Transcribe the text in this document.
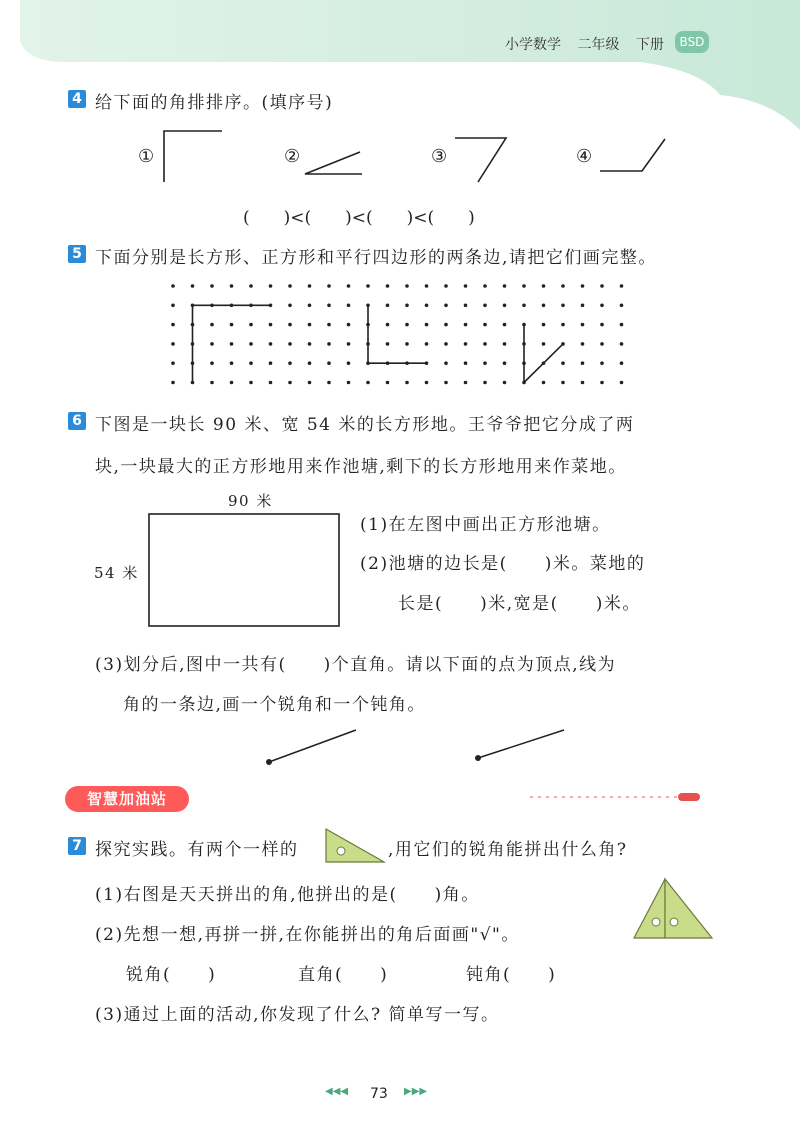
小学数学 二年级 下册	BSD
4 给下面的角排排序。(填序号)
①	②	③	④
(　　)<(　　)<(　　)<(　　)
5 下面分别是长方形、正方形和平行四边形的两条边,请把它们画完整。
6 下图是一块长 90 米、宽 54 米的长方形地。王爷爷把它分成了两
块,一块最大的正方形地用来作池塘,剩下的长方形地用来作菜地。
90 米
54 米
(1)在左图中画出正方形池塘。
(2)池塘的边长是(　　)米。菜地的
长是(　　)米,宽是(　　)米。
(3)划分后,图中一共有(　　)个直角。请以下面的点为顶点,线为
角的一条边,画一个锐角和一个钝角。
智慧加油站
7 探究实践。有两个一样的	,用它们的锐角能拼出什么角?
(1)右图是天天拼出的角,他拼出的是(　　)角。
(2)先想一想,再拼一拼,在你能拼出的角后面画"√"。
锐角(　　)	直角(　　)	钝角(　　)
(3)通过上面的活动,你发现了什么? 简单写一写。
◀◀◀ 73 ▶▶▶
